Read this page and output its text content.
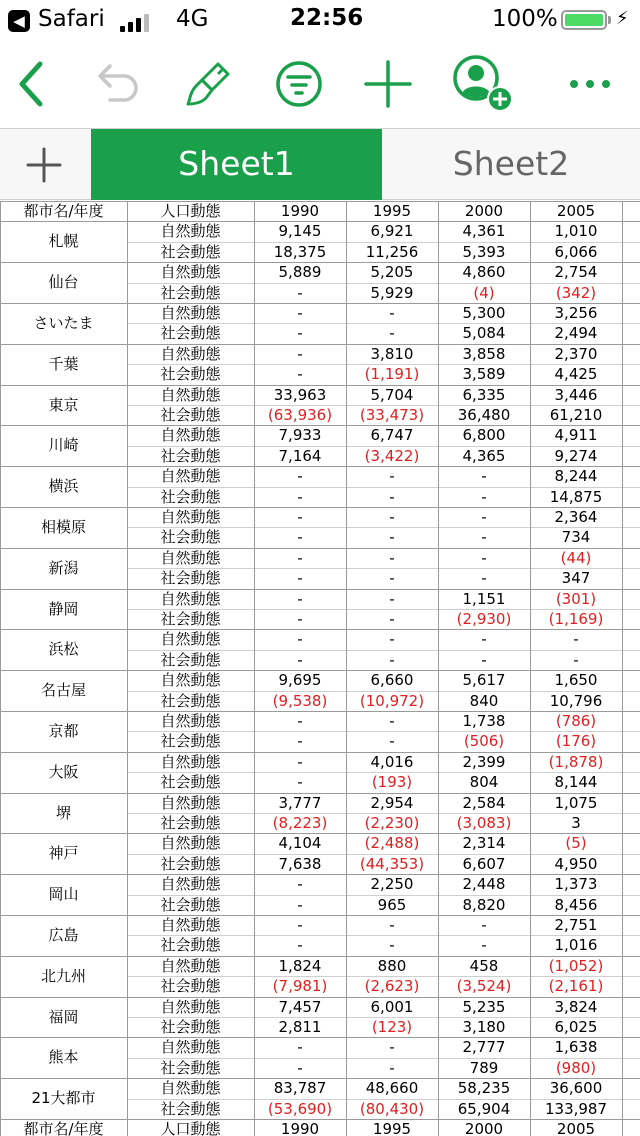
◀ Safari	4G	22:56	100%	⚡
Sheet1	Sheet2
都市名/年度	人口動態	1990	1995	2000	2005
札幌
自然動態	9,145	6,921	4,361	1,010
社会動態	18,375	11,256	5,393	6,066
仙台
自然動態	5,889	5,205	4,860	2,754
社会動態	-	5,929	(4)	(342)
さいたま
自然動態	-	-	5,300	3,256
社会動態	-	-	5,084	2,494
千葉
自然動態	-	3,810	3,858	2,370
社会動態	-	(1,191)	3,589	4,425
東京
自然動態	33,963	5,704	6,335	3,446
社会動態	(63,936)	(33,473)	36,480	61,210
川崎
自然動態	7,933	6,747	6,800	4,911
社会動態	7,164	(3,422)	4,365	9,274
横浜
自然動態	-	-	-	8,244
社会動態	-	-	-	14,875
相模原
自然動態	-	-	-	2,364
社会動態	-	-	-	734
新潟
自然動態	-	-	-	(44)
社会動態	-	-	-	347
静岡
自然動態	-	-	1,151	(301)
社会動態	-	-	(2,930)	(1,169)
浜松
自然動態	-	-	-	-
社会動態	-	-	-	-
名古屋
自然動態	9,695	6,660	5,617	1,650
社会動態	(9,538)	(10,972)	840	10,796
京都
自然動態	-	-	1,738	(786)
社会動態	-	-	(506)	(176)
大阪
自然動態	-	4,016	2,399	(1,878)
社会動態	-	(193)	804	8,144
堺
自然動態	3,777	2,954	2,584	1,075
社会動態	(8,223)	(2,230)	(3,083)	3
神戸
自然動態	4,104	(2,488)	2,314	(5)
社会動態	7,638	(44,353)	6,607	4,950
岡山
自然動態	-	2,250	2,448	1,373
社会動態	-	965	8,820	8,456
広島
自然動態	-	-	-	2,751
社会動態	-	-	-	1,016
北九州
自然動態	1,824	880	458	(1,052)
社会動態	(7,981)	(2,623)	(3,524)	(2,161)
福岡
自然動態	7,457	6,001	5,235	3,824
社会動態	2,811	(123)	3,180	6,025
熊本
自然動態	-	-	2,777	1,638
社会動態	-	-	789	(980)
21大都市
自然動態	83,787	48,660	58,235	36,600
社会動態	(53,690)	(80,430)	65,904	133,987
都市名/年度	人口動態	1990	1995	2000	2005
